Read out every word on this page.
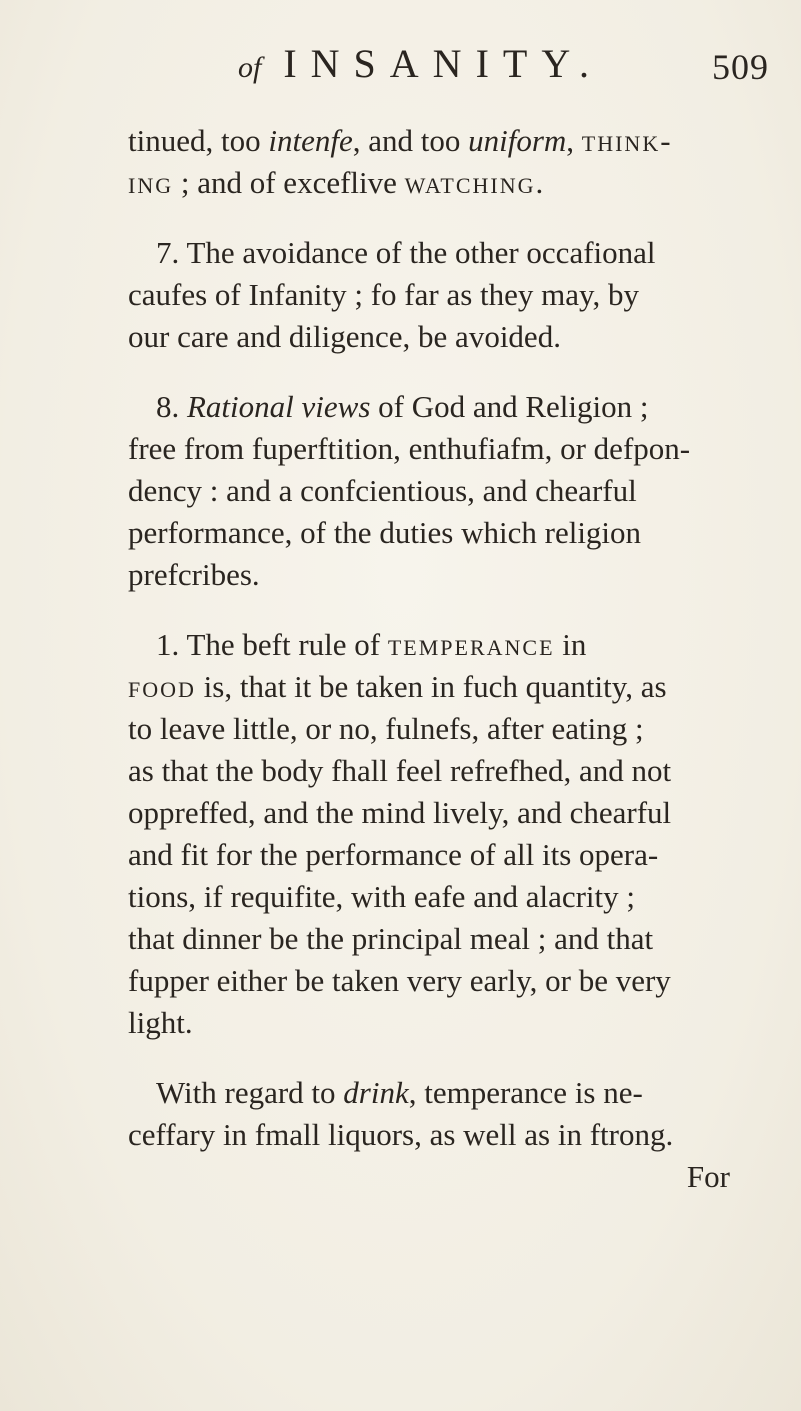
of INSANITY.	509
tinued, too intenfe, and too uniform, think-
ing ; and of exceflive watching.
7. The avoidance of the other occafional
caufes of Infanity ; fo far as they may, by
our care and diligence, be avoided.
8. Rational views of God and Religion ;
free from fuperftition, enthufiafm, or defpon-
dency : and a confcientious, and chearful
performance, of the duties which religion
prefcribes.
1. The beft rule of temperance in
food is, that it be taken in fuch quantity, as
to leave little, or no, fulnefs, after eating ;
as that the body fhall feel refrefhed, and not
oppreffed, and the mind lively, and chearful
and fit for the performance of all its opera-
tions, if requifite, with eafe and alacrity ;
that dinner be the principal meal ; and that
fupper either be taken very early, or be very
light.
With regard to drink, temperance is ne-
ceffary in fmall liquors, as well as in ftrong.
For
